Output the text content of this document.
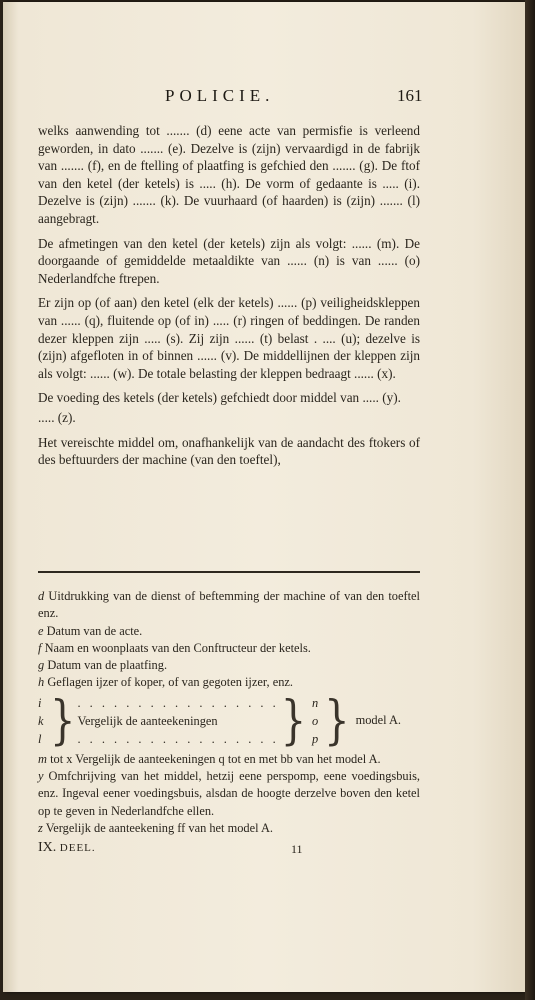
POLICIE.	161

welks aanwending tot ....... (d) eene acte van permisfie is verleend geworden, in dato ....... (e). Dezelve is (zijn) vervaardigd in de fabrijk van ....... (f), en de ftelling of plaatfing is gefchied den ....... (g). De ftof van den ketel (der ketels) is ..... (h). De vorm of gedaante is ..... (i). Dezelve is (zijn) ....... (k). De vuurhaard (of haarden) is (zijn) ....... (l) aangebragt.

De afmetingen van den ketel (der ketels) zijn als volgt: ...... (m). De doorgaande of gemiddelde metaaldikte van ...... (n) is van ...... (o) Nederlandfche ftrepen.

Er zijn op (of aan) den ketel (elk der ketels) ...... (p) veiligheidskleppen van ...... (q), fluitende op (of in) ..... (r) ringen of beddingen. De randen dezer kleppen zijn ..... (s). Zij zijn ...... (t) belast . .... (u); dezelve is (zijn) afgefloten in of binnen ...... (v). De middellijnen der kleppen zijn als volgt: ...... (w). De totale belasting der kleppen bedraagt ...... (x).

De voeding des ketels (der ketels) gefchiedt door middel van ..... (y).

..... (z).

Het vereischte middel om, onafhankelijk van de aandacht des ftokers of des beftuurders der machine (van den toeftel),

d Uitdrukking van de dienst of beftemming der machine of van den toeftel enz.

e Datum van de acte.

f Naam en woonplaats van den Conftructeur der ketels.

g Datum van de plaatfing.

h Geflagen ijzer of koper, of van gegoten ijzer, enz.

i
k
l } . . . . . . . . . . . . . . . . .
Vergelijk de aanteekeningen
. . . . . . . . . . . . . . . . . } n
o
p } model A.

m tot x Vergelijk de aanteekeningen q tot en met bb van het model A.

y Omfchrijving van het middel, hetzij eene perspomp, eene voedingsbuis, enz. Ingeval eener voedingsbuis, alsdan de hoogte derzelve boven den ketel op te geven in Nederlandfche ellen.

z Vergelijk de aanteekening ff van het model A.

IX. DEEL.	11
